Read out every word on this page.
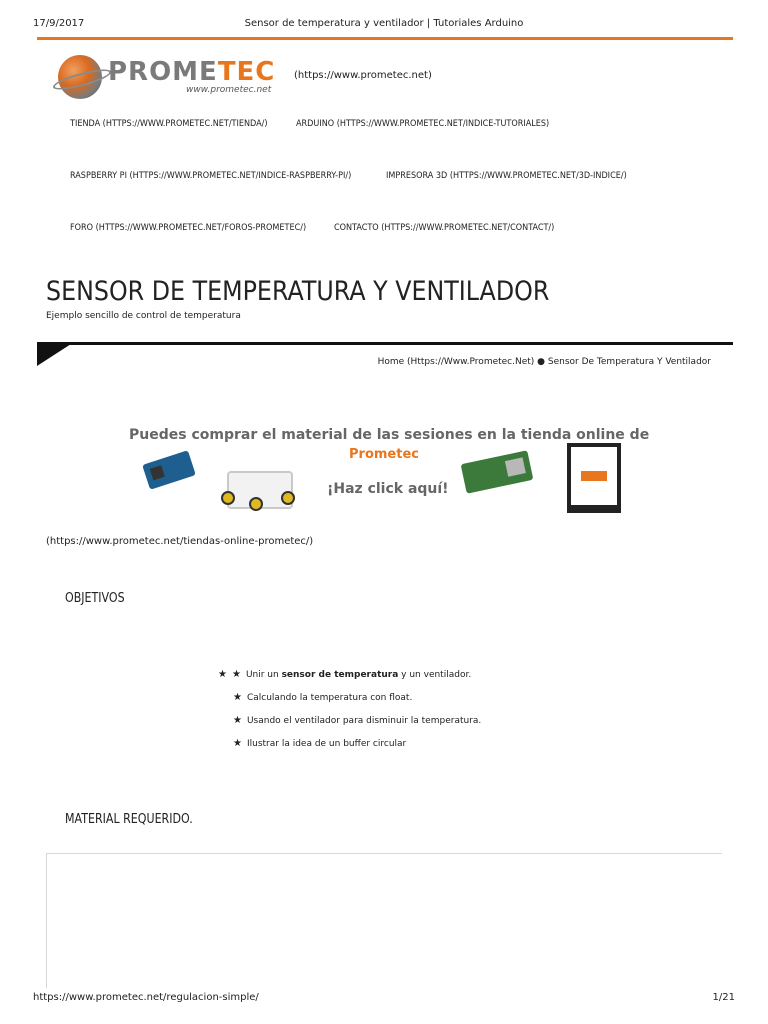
17/9/2017	Sensor de temperatura y ventilador | Tutoriales Arduino
PROMETEC
www.prometec.net
(https://www.prometec.net)
TIENDA (HTTPS://WWW.PROMETEC.NET/TIENDA/)	ARDUINO (HTTPS://WWW.PROMETEC.NET/INDICE-TUTORIALES)
RASPBERRY PI (HTTPS://WWW.PROMETEC.NET/INDICE-RASPBERRY-PI/)	IMPRESORA 3D (HTTPS://WWW.PROMETEC.NET/3D-INDICE/)
FORO (HTTPS://WWW.PROMETEC.NET/FOROS-PROMETEC/)	CONTACTO (HTTPS://WWW.PROMETEC.NET/CONTACT/)
SENSOR DE TEMPERATURA Y VENTILADOR
Ejemplo sencillo de control de temperatura
Home (Https://Www.Prometec.Net) ● Sensor De Temperatura Y Ventilador
Puedes comprar el material de las sesiones en la tienda online de
Prometec
¡Haz click aquí!
(https://www.prometec.net/tiendas-online-prometec/)
OBJETIVOS
★ ★ Unir un sensor de temperatura y un ventilador.
★ Calculando la temperatura con float.
★ Usando el ventilador para disminuir la temperatura.
★ Ilustrar la idea de un buffer circular
MATERIAL REQUERIDO.
https://www.prometec.net/regulacion-simple/	1/21
